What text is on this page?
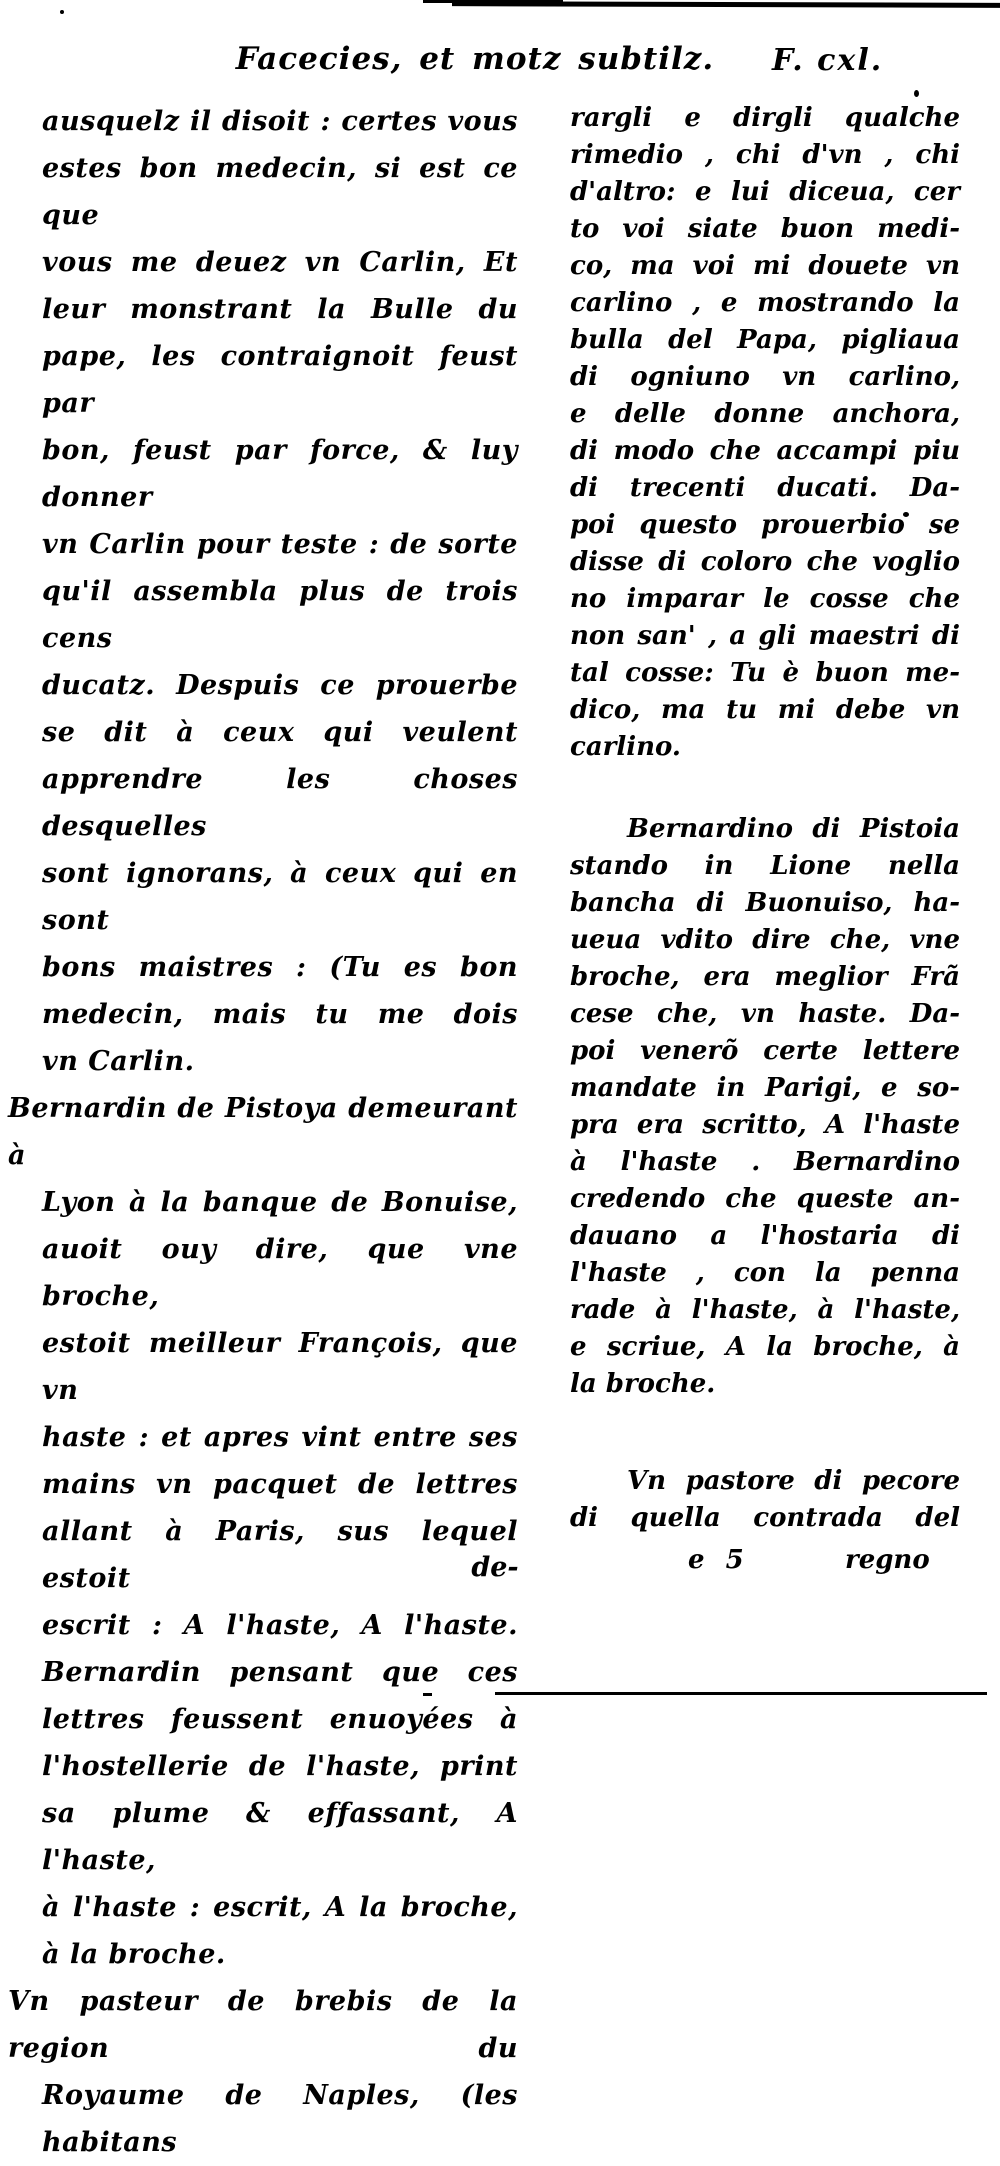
Facecies, et motz subtilz.	F. cxl.
ausquelz il disoit : certes vous
estes bon medecin, si est ce que
vous me deuez vn Carlin, Et
leur monstrant la Bulle du
pape, les contraignoit feust par
bon, feust par force, & luy donner
vn Carlin pour teste : de sorte
qu'il assembla plus de trois cens
ducatz. Despuis ce prouerbe
se dit à ceux qui veulent
apprendre les choses desquelles
sont ignorans, à ceux qui en sont
bons maistres : (Tu es bon
medecin, mais tu me dois
vn Carlin.
Bernardin de Pistoya demeurant à
Lyon à la banque de Bonuise,
auoit ouy dire, que vne broche,
estoit meilleur François, que vn
haste : et apres vint entre ses
mains vn pacquet de lettres
allant à Paris, sus lequel estoit
escrit : A l'haste, A l'haste.
Bernardin pensant que ces
lettres feussent enuoyées à
l'hostellerie de l'haste, print
sa plume & effassant, A l'haste,
à l'haste : escrit, A la broche,
à la broche.
Vn pasteur de brebis de la region du
Royaume de Naples, (les habitans
rargli e dirgli qualche
rimedio , chi d'vn , chi
d'altro: e lui diceua, cer
to voi siate buon medi-
co, ma voi mi douete vn
carlino , e mostrando la
bulla del Papa, pigliaua
di ogniuno vn carlino,
e delle donne anchora,
di modo che accampi piu
di trecenti ducati. Da-
poi questo prouerbio se
disse di coloro che voglio
no imparar le cosse che
non san' , a gli maestri di
tal cosse: Tu è buon me-
dico, ma tu mi debe vn
carlino.
Bernardino di Pistoia
stando in Lione nella
bancha di Buonuiso, ha-
ueua vdito dire che, vne
broche, era meglior Frã
cese che, vn haste. Da-
poi venerõ certe lettere
mandate in Parigi, e so-
pra era scritto, A l'haste
à l'haste . Bernardino
credendo che queste an-
dauano a l'hostaria di
l'haste , con la penna
rade à l'haste, à l'haste,
e scriue, A la broche, à
la broche.
Vn pastore di pecore
di quella contrada del
de-	e 5	regno
